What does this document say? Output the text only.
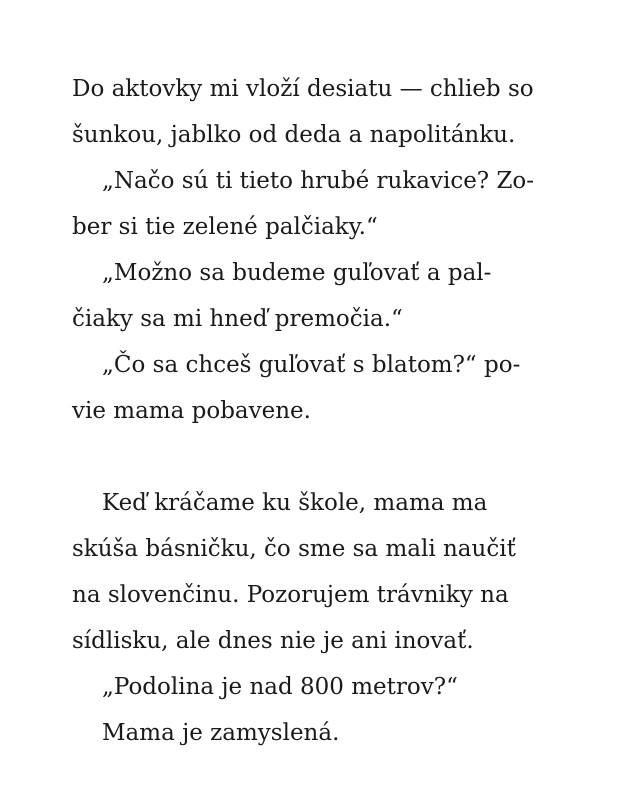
Do aktovky mi vloží desiatu — chlieb so
šunkou, jablko od deda a napolitánku.
„Načo sú ti tieto hrubé rukavice? Zo-
ber si tie zelené palčiaky.“
„Možno sa budeme guľovať a pal-
čiaky sa mi hneď premočia.“
„Čo sa chceš guľovať s blatom?“ po-
vie mama pobavene.
Keď kráčame ku škole, mama ma
skúša básničku, čo sme sa mali naučiť
na slovenčinu. Pozorujem trávniky na
sídlisku, ale dnes nie je ani inovať.
„Podolina je nad 800 metrov?“
Mama je zamyslená.
